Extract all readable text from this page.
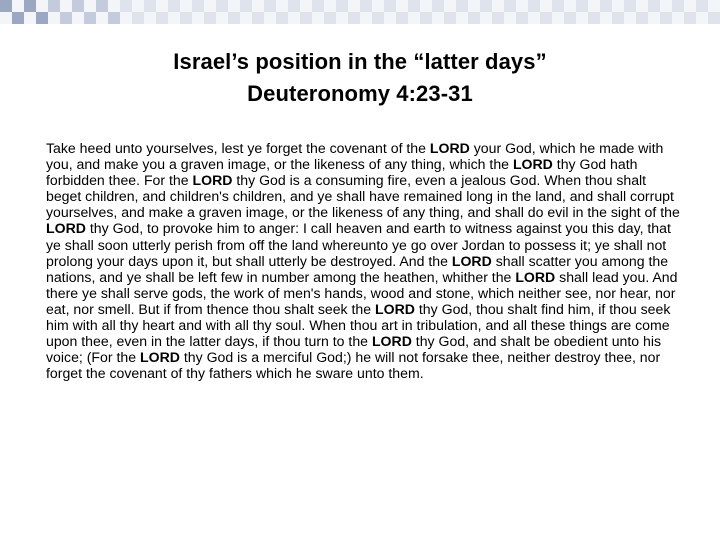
Israel’s position in the “latter days”
Deuteronomy 4:23-31
Take heed unto yourselves, lest ye forget the covenant of the LORD your God, which he made with you, and make you a graven image, or the likeness of any thing, which the LORD thy God hath forbidden thee. For the LORD thy God is a consuming fire, even a jealous God. When thou shalt beget children, and children's children, and ye shall have remained long in the land, and shall corrupt yourselves, and make a graven image, or the likeness of any thing, and shall do evil in the sight of the LORD thy God, to provoke him to anger: I call heaven and earth to witness against you this day, that ye shall soon utterly perish from off the land whereunto ye go over Jordan to possess it; ye shall not prolong your days upon it, but shall utterly be destroyed. And the LORD shall scatter you among the nations, and ye shall be left few in number among the heathen, whither the LORD shall lead you. And there ye shall serve gods, the work of men's hands, wood and stone, which neither see, nor hear, nor eat, nor smell. But if from thence thou shalt seek the LORD thy God, thou shalt find him, if thou seek him with all thy heart and with all thy soul. When thou art in tribulation, and all these things are come upon thee, even in the latter days, if thou turn to the LORD thy God, and shalt be obedient unto his voice; (For the LORD thy God is a merciful God;) he will not forsake thee, neither destroy thee, nor forget the covenant of thy fathers which he sware unto them.
